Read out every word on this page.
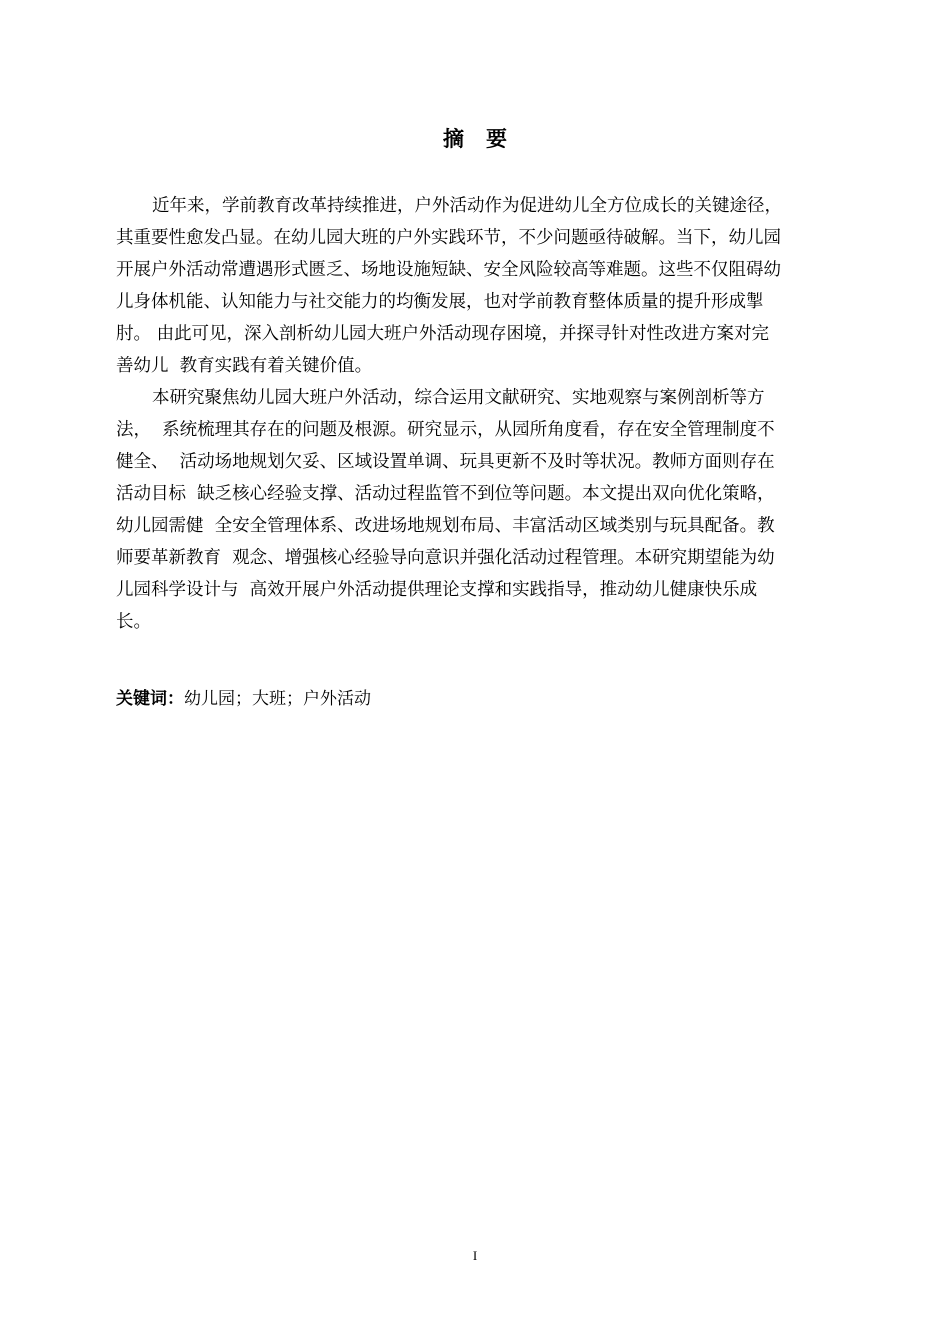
摘 要
近年来，学前教育改革持续推进，户外活动作为促进幼儿全方位成长的关键途径，
其重要性愈发凸显。在幼儿园大班的户外实践环节，不少问题亟待破解。当下，幼儿园
开展户外活动常遭遇形式匮乏、场地设施短缺、安全风险较高等难题。这些不仅阻碍幼
儿身体机能、认知能力与社交能力的均衡发展，也对学前教育整体质量的提升形成掣
肘。 由此可见，深入剖析幼儿园大班户外活动现存困境，并探寻针对性改进方案对完
善幼儿  教育实践有着关键价值。
本研究聚焦幼儿园大班户外活动，综合运用文献研究、实地观察与案例剖析等方
法，  系统梳理其存在的问题及根源。研究显示，从园所角度看，存在安全管理制度不
健全、  活动场地规划欠妥、区域设置单调、玩具更新不及时等状况。教师方面则存在
活动目标  缺乏核心经验支撑、活动过程监管不到位等问题。本文提出双向优化策略，
幼儿园需健  全安全管理体系、改进场地规划布局、丰富活动区域类别与玩具配备。教
师要革新教育  观念、增强核心经验导向意识并强化活动过程管理。本研究期望能为幼
儿园科学设计与  高效开展户外活动提供理论支撑和实践指导，推动幼儿健康快乐成
长。
关键词：幼儿园；大班；户外活动
I
